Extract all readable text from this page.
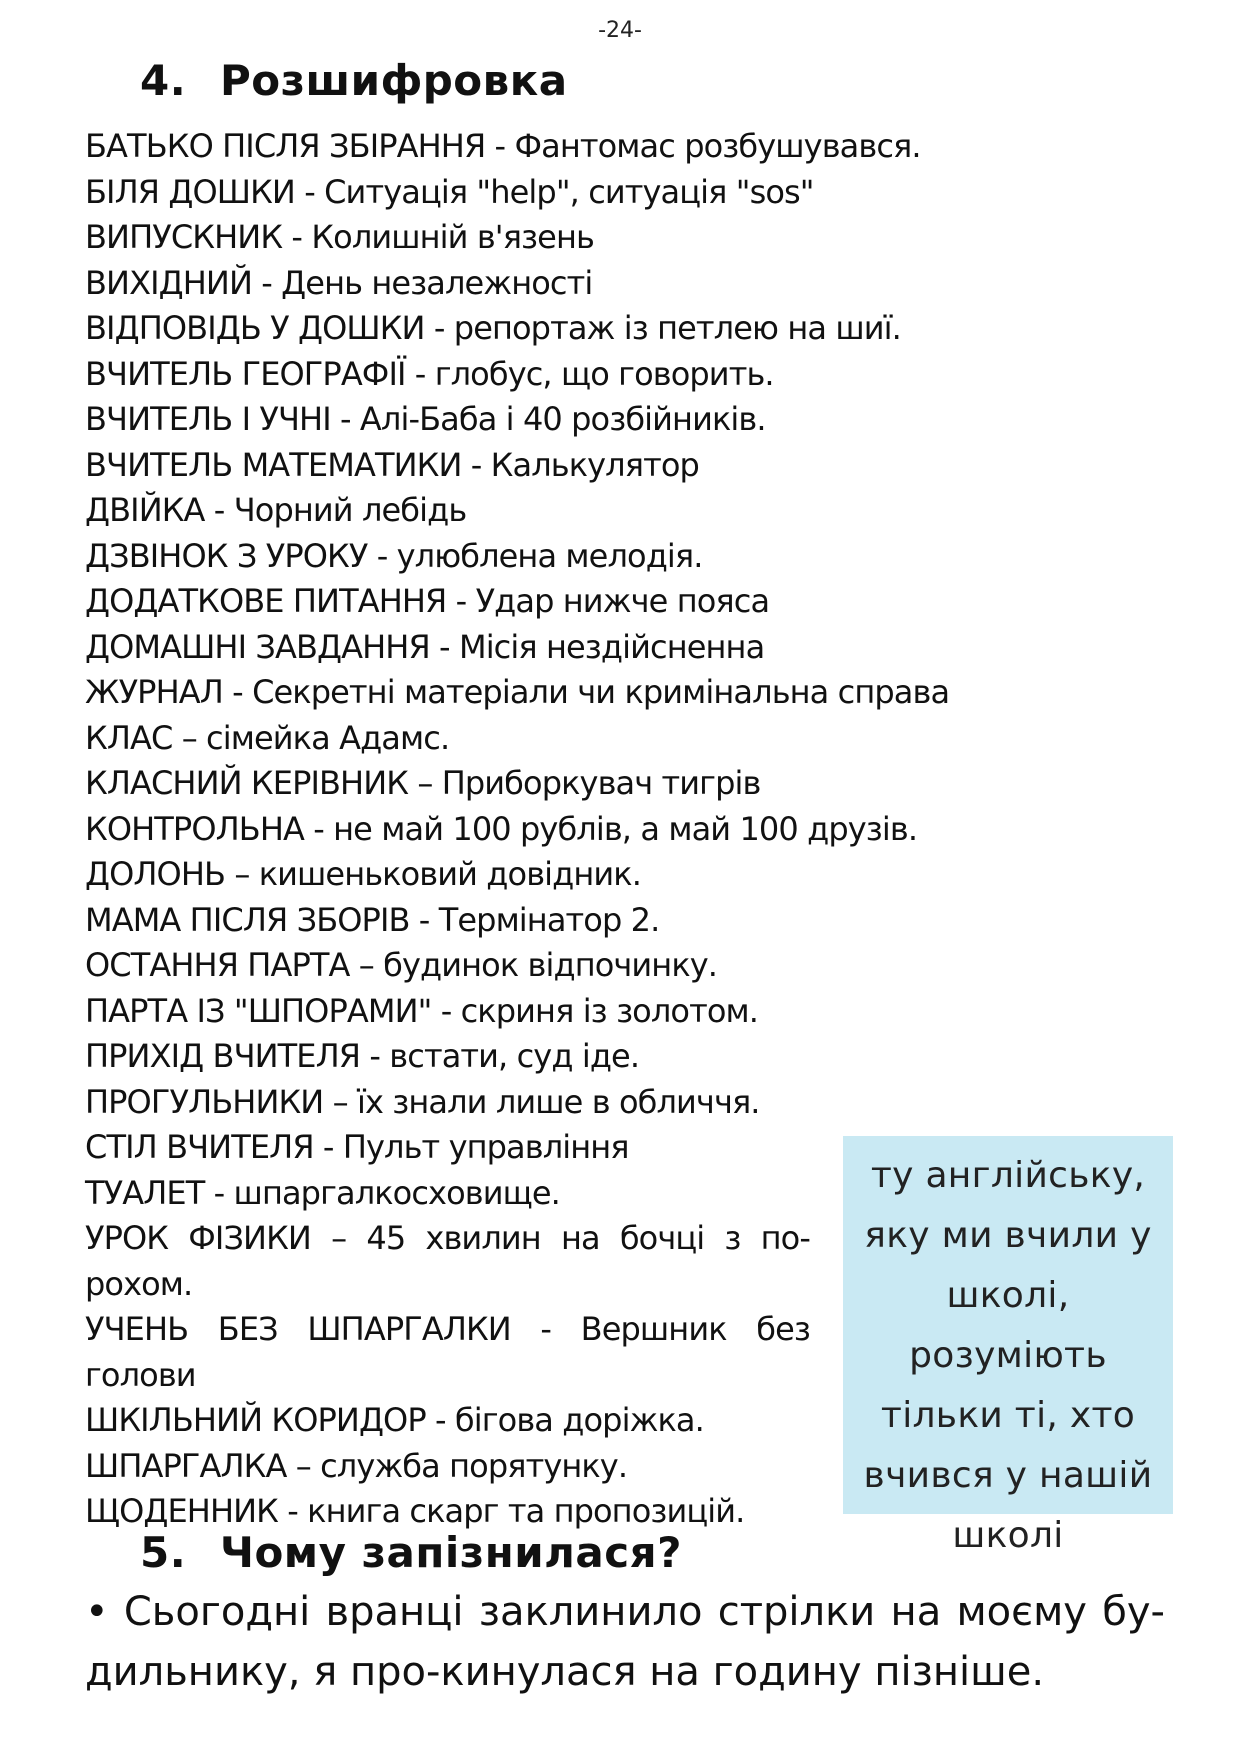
-24-
4. Розшифровка
БАТЬКО ПІСЛЯ ЗБІРАННЯ - Фантомас розбушувався.
БІЛЯ ДОШКИ - Ситуація "help", ситуація "sos"
ВИПУСКНИК - Колишній в'язень
ВИХІДНИЙ - День незалежності
ВІДПОВІДЬ У ДОШКИ - репортаж із петлею на шиї.
ВЧИТЕЛЬ ГЕОГРАФІЇ - глобус, що говорить.
ВЧИТЕЛЬ І УЧНІ - Алі-Баба і 40 розбійників.
ВЧИТЕЛЬ МАТЕМАТИКИ - Калькулятор
ДВІЙКА - Чорний лебідь
ДЗВІНОК З УРОКУ - улюблена мелодія.
ДОДАТКОВЕ ПИТАННЯ - Удар нижче пояса
ДОМАШНІ ЗАВДАННЯ - Місія нездійсненна
ЖУРНАЛ - Секретні матеріали чи кримінальна справа
КЛАС – сімейка Адамс.
КЛАСНИЙ КЕРІВНИК – Приборкувач тигрів
КОНТРОЛЬНА - не май 100 рублів, а май 100 друзів.
ДОЛОНЬ – кишеньковий довідник.
МАМА ПІСЛЯ ЗБОРІВ - Термінатор 2.
ОСТАННЯ ПАРТА – будинок відпочинку.
ПАРТА ІЗ "ШПОРАМИ" - скриня із золотом.
ПРИХІД ВЧИТЕЛЯ - встати, суд іде.
ПРОГУЛЬНИКИ – їх знали лише в обличчя.
СТІЛ ВЧИТЕЛЯ - Пульт управління
ТУАЛЕТ - шпаргалкосховище.
УРОК ФІЗИКИ – 45 хвилин на бочці з по-рохом.
УЧЕНЬ БЕЗ ШПАРГАЛКИ - Вершник без голови
ШКІЛЬНИЙ КОРИДОР - бігова доріжка.
ШПАРГАЛКА – служба порятунку.
ЩОДЕННИК - книга скарг та пропозицій.
ту англійську,
яку ми вчили у
школі,
розуміють
тільки ті, хто
вчився у нашій
школі
5. Чому запізнилася?

• Сьогодні вранці заклинило стрілки на моєму бу-дильнику, я про-кинулася на годину пізніше.
